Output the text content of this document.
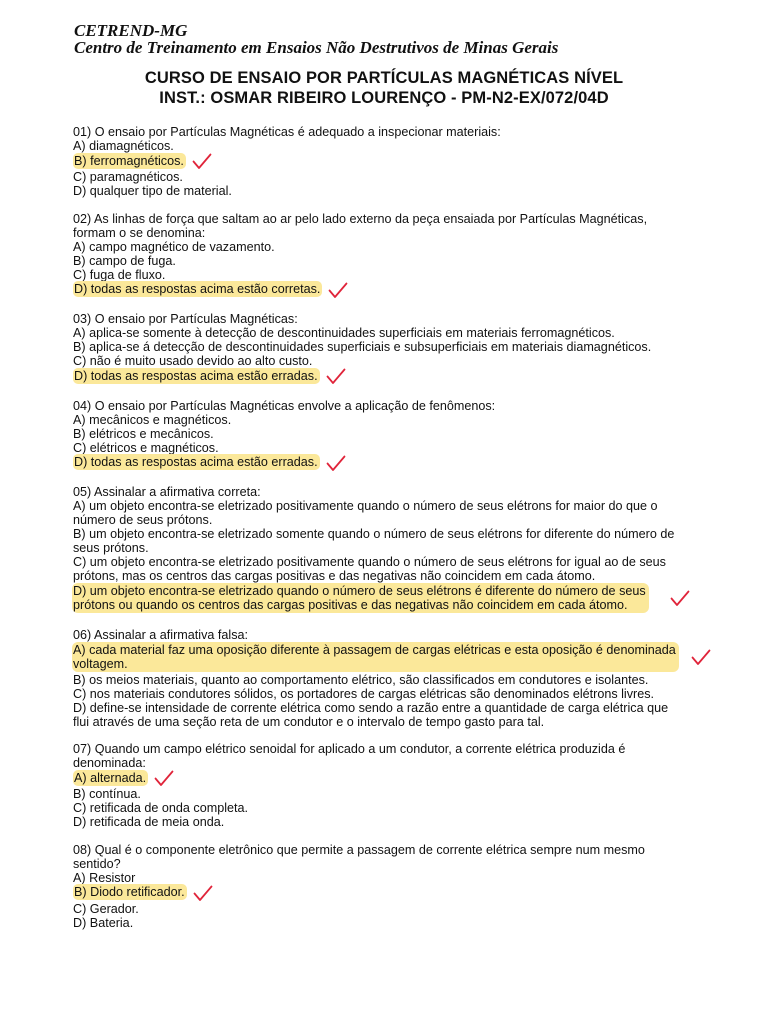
CETREND-MG
Centro de Treinamento em Ensaios Não Destrutivos de Minas Gerais
CURSO DE ENSAIO POR PARTÍCULAS MAGNÉTICAS NÍVEL
INST.: OSMAR RIBEIRO LOURENÇO - PM-N2-EX/072/04D
01) O ensaio por Partículas Magnéticas é adequado a inspecionar materiais:
A) diamagnéticos.
B) ferromagnéticos.
C) paramagnéticos.
D) qualquer tipo de material.
02) As linhas de força que saltam ao ar pelo lado externo da peça ensaiada por Partículas Magnéticas,
formam o se denomina:
A) campo magnético de vazamento.
B) campo de fuga.
C) fuga de fluxo.
D) todas as respostas acima estão corretas.
03) O ensaio por Partículas Magnéticas:
A) aplica-se somente à detecção de descontinuidades superficiais em materiais ferromagnéticos.
B) aplica-se á detecção de descontinuidades superficiais e subsuperficiais em materiais diamagnéticos.
C) não é muito usado devido ao alto custo.
D) todas as respostas acima estão erradas.
04) O ensaio por Partículas Magnéticas envolve a aplicação de fenômenos:
A) mecânicos e magnéticos.
B) elétricos e mecânicos.
C) elétricos e magnéticos.
D) todas as respostas acima estão erradas.
05) Assinalar a afirmativa correta:
A) um objeto encontra-se eletrizado positivamente quando o número de seus elétrons for maior do que o
número de seus prótons.
B) um objeto encontra-se eletrizado somente quando o número de seus elétrons for diferente do número de
seus prótons.
C) um objeto encontra-se eletrizado positivamente quando o número de seus elétrons for igual ao de seus
prótons, mas os centros das cargas positivas e das negativas não coincidem em cada átomo.
D) um objeto encontra-se eletrizado quando o número de seus elétrons é diferente do número de seus
prótons ou quando os centros das cargas positivas e das negativas não coincidem em cada átomo.
06) Assinalar a afirmativa falsa:
A) cada material faz uma oposição diferente à passagem de cargas elétricas e esta oposição é denominada
voltagem.
B) os meios materiais, quanto ao comportamento elétrico, são classificados em condutores e isolantes.
C) nos materiais condutores sólidos, os portadores de cargas elétricas são denominados elétrons livres.
D) define-se intensidade de corrente elétrica como sendo a razão entre a quantidade de carga elétrica que
flui através de uma seção reta de um condutor e o intervalo de tempo gasto para tal.
07) Quando um campo elétrico senoidal for aplicado a um condutor, a corrente elétrica produzida é
denominada:
A) alternada.
B) contínua.
C) retificada de onda completa.
D) retificada de meia onda.
08) Qual é o componente eletrônico que permite a passagem de corrente elétrica sempre num mesmo
sentido?
A) Resistor
B) Diodo retificador.
C) Gerador.
D) Bateria.
